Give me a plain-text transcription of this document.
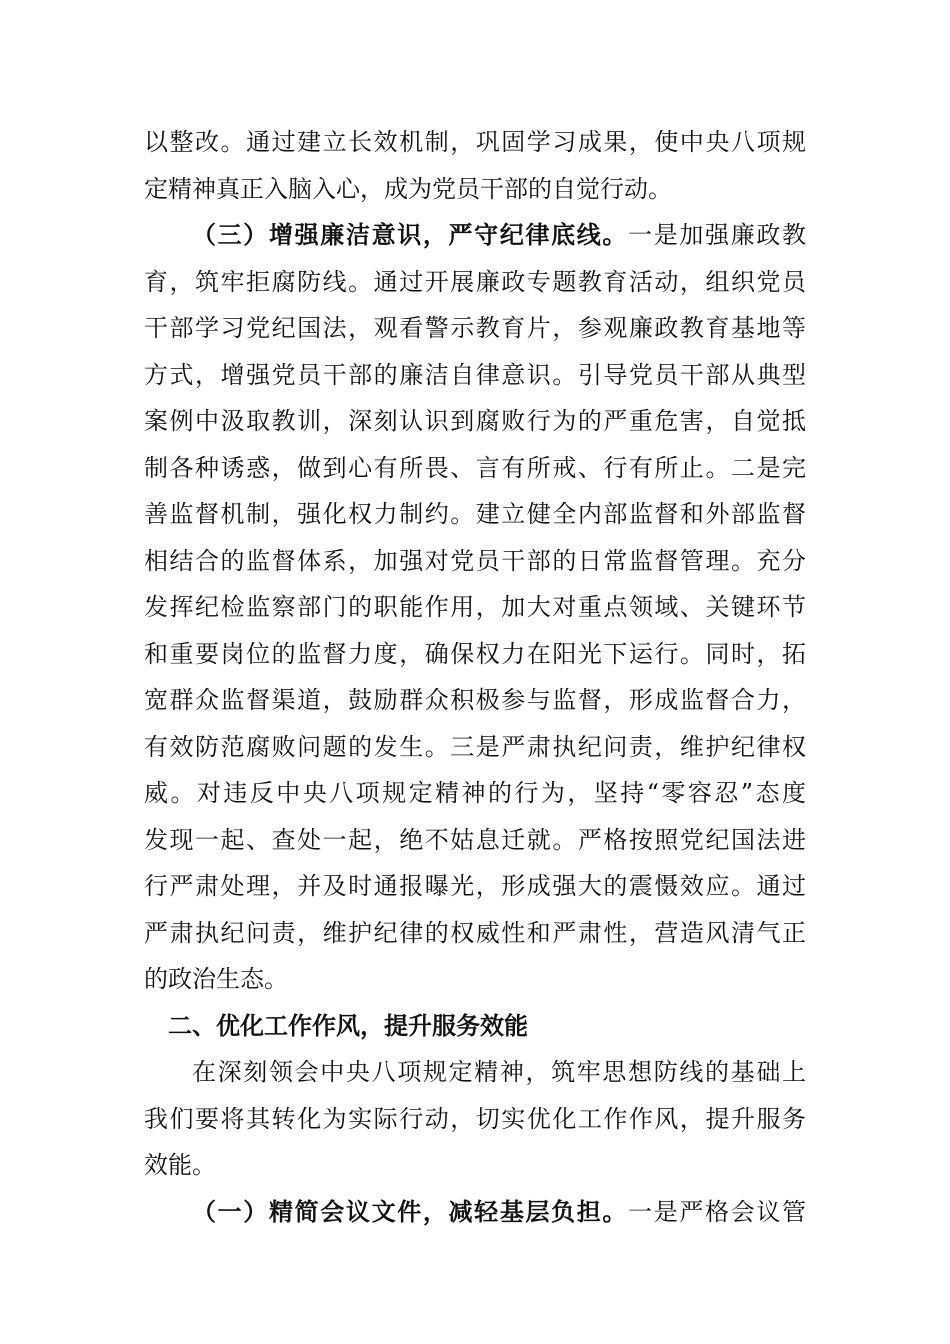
以整改。通过建立长效机制，巩固学习成果，使中央八项规
定精神真正入脑入心，成为党员干部的自觉行动。
（三）增强廉洁意识，严守纪律底线。一是加强廉政教
育，筑牢拒腐防线。通过开展廉政专题教育活动，组织党员
干部学习党纪国法，观看警示教育片，参观廉政教育基地等
方式，增强党员干部的廉洁自律意识。引导党员干部从典型
案例中汲取教训，深刻认识到腐败行为的严重危害，自觉抵
制各种诱惑，做到心有所畏、言有所戒、行有所止。二是完
善监督机制，强化权力制约。建立健全内部监督和外部监督
相结合的监督体系，加强对党员干部的日常监督管理。充分
发挥纪检监察部门的职能作用，加大对重点领域、关键环节
和重要岗位的监督力度，确保权力在阳光下运行。同时，拓
宽群众监督渠道，鼓励群众积极参与监督，形成监督合力，
有效防范腐败问题的发生。三是严肃执纪问责，维护纪律权
威。对违反中央八项规定精神的行为，坚持“零容忍”态度
发现一起、查处一起，绝不姑息迁就。严格按照党纪国法进
行严肃处理，并及时通报曝光，形成强大的震慑效应。通过
严肃执纪问责，维护纪律的权威性和严肃性，营造风清气正
的政治生态。
二、优化工作作风，提升服务效能
在深刻领会中央八项规定精神，筑牢思想防线的基础上
我们要将其转化为实际行动，切实优化工作作风，提升服务
效能。
（一）精简会议文件，减轻基层负担。一是严格会议管
